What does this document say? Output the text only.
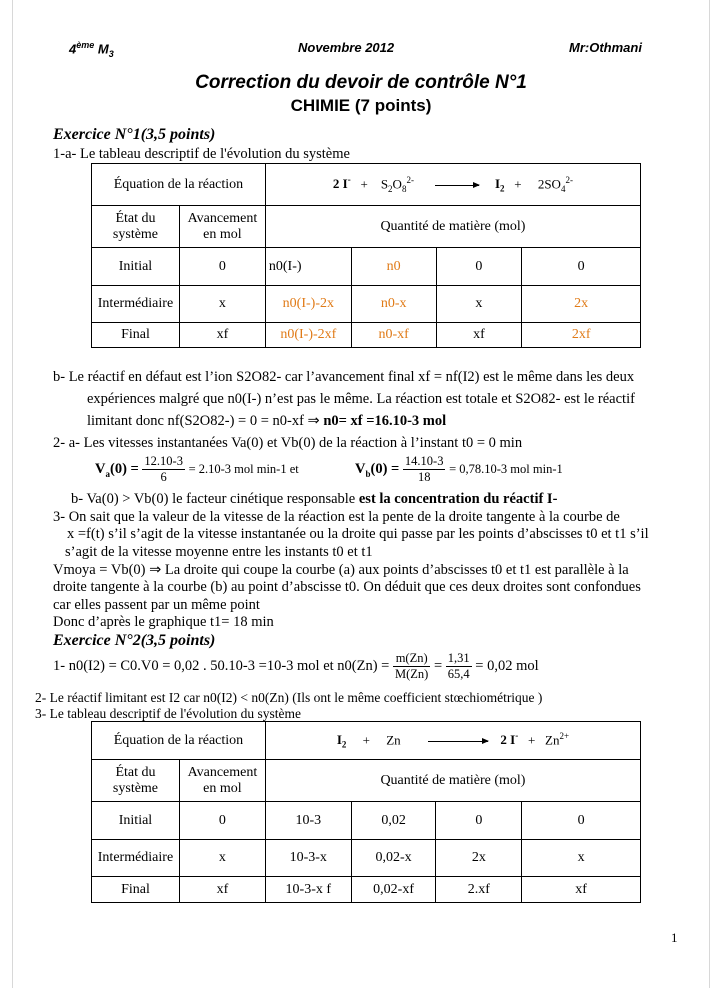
4ème $M_3$	Novembre 2012	Mr:Othmani
Correction du devoir de contrôle N°1
CHIMIE (7 points)
Exercice N°1(3,5 points)
1-a- Le tableau descriptif de l'évolution du système
Équation de la réaction		2 I-   +    $S_2O_8^{2-}$ $I_2$   +     $2SO_4^{2-}$
État du système	Avancement en mol	Quantité de matière (mol)			
Initial	0	n0(I-)	n0	0	0
Intermédiaire	x	n0(I-)-2x	n0-x	x	2x
Final	xf	n0(I-)-2xf	n0-xf	xf	2xf
b- Le réactif en défaut est l’ion S2O82- car l’avancement final xf = nf(I2) est le même dans les deux
expériences malgré que n0(I-) n’est pas le même. La réaction est totale et S2O82- est le réactif
limitant donc nf(S2O82-) = 0 = n0-xf ⇒ n0= xf =16.10-3 mol
2- a- Les vitesses instantanées Va(0) et Vb(0) de la réaction à l’instant t0 = 0 min
$V_a(0) = \frac{12.10-3}{6} = 2.10-3$ mol min-1 et	$V_b(0) = \frac{14.10-3}{18} = 0,78.10-3$ mol min-1
b- Va(0) > Vb(0) le facteur cinétique responsable est la concentration du réactif I-
3- On sait que la valeur de la vitesse de la réaction est la pente de la droite tangente à la courbe de
x =f(t) s’il s’agit de la vitesse instantanée ou la droite qui passe par les points d’abscisses t0 et t1 s’il
s’agit de la vitesse moyenne entre les instants t0 et t1
Vmoya = Vb(0) ⇒ La droite qui coupe la courbe (a) aux points d’abscisses t0 et t1 est parallèle à la
droite tangente à la courbe (b) au point d’abscisse t0. On déduit que ces deux droites sont confondues
car elles passent par un même point
Donc d’après le graphique t1= 18 min
Exercice N°2(3,5 points)
1- n0(I2) = C0.V0 = 0,02 . 50.10-3 =10-3 mol et $n0(Zn) = \frac{m(Zn)}{M(Zn)} = \frac{1,31}{65,4} = 0,02$ mol
2- Le réactif limitant est I2 car n0(I2) < n0(Zn) (Ils ont le même coefficient stœchiométrique )
3- Le tableau descriptif de l'évolution du système
Équation de la réaction		$I_2$     +     Zn 2 $I^- + Zn^{2+}$
État du système	Avancement en mol	Quantité de matière (mol)			
Initial	0	10-3	0,02	0	0
Intermédiaire	x	10-3-x	0,02-x	2x	x
Final	xf	10-3-x f	0,02-xf	2.xf	xf
1
